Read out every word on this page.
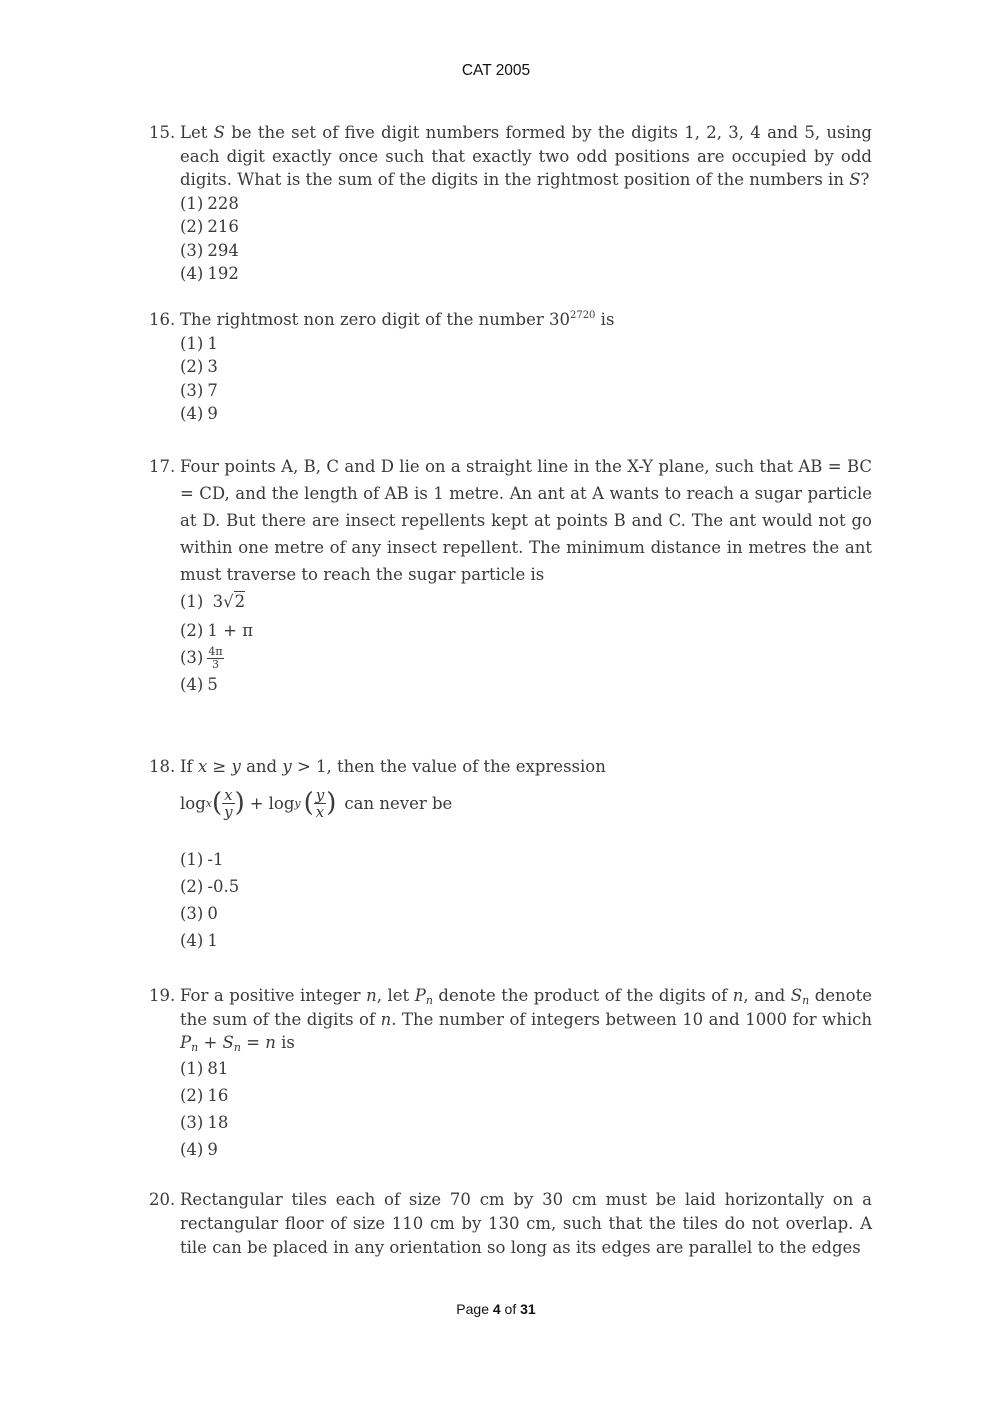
CAT 2005
15. Let S be the set of five digit numbers formed by the digits 1, 2, 3, 4 and 5, using each digit exactly once such that exactly two odd positions are occupied by odd digits. What is the sum of the digits in the rightmost position of the numbers in S?
(1) 228
(2) 216
(3) 294
(4) 192
16. The rightmost non zero digit of the number $30^{2720}$ is
(1) 1
(2) 3
(3) 7
(4) 9
17. Four points A, B, C and D lie on a straight line in the X-Y plane, such that AB = BC = CD, and the length of AB is 1 metre. An ant at A wants to reach a sugar particle at D. But there are insect repellents kept at points B and C. The ant would not go within one metre of any insect repellent. The minimum distance in metres the ant must traverse to reach the sugar particle is
(1) 3√2
(2) 1 + π
$(3) \frac{4\pi}{3}$
(4) 5
18. If x ≥ y and y > 1, then the value of the expression
log x ( x
y ) + log y ( y
x ) can never be
(1) -1
(2) -0.5
(3) 0
(4) 1
19. For a positive integer n, let $P_n$ denote the product of the digits of n, and $S_n$ denote the sum of the digits of n. The number of integers between 10 and 1000 for which $P_n + S_n = n$ is
(1) 81
(2) 16
(3) 18
(4) 9
20. Rectangular tiles each of size 70 cm by 30 cm must be laid horizontally on a rectangular floor of size 110 cm by 130 cm, such that the tiles do not overlap. A tile can be placed in any orientation so long as its edges are parallel to the edges
Page 4 of 31
